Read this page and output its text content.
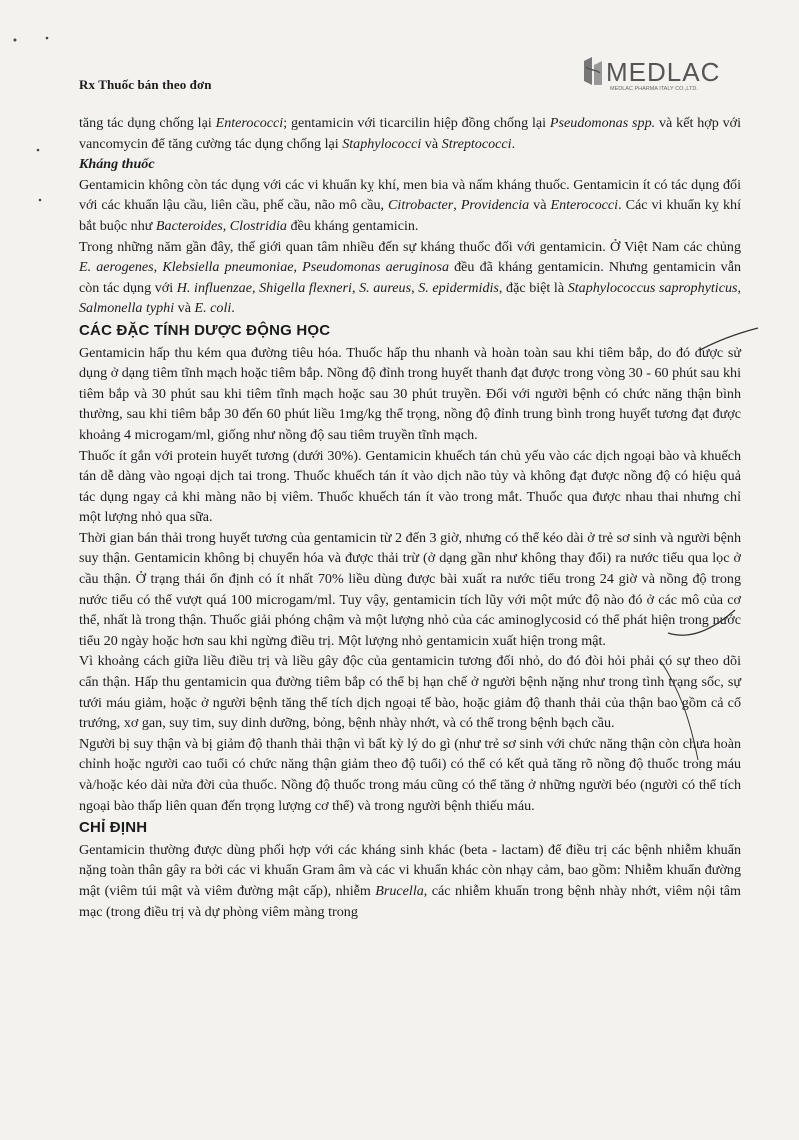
Rx Thuốc bán theo đơn	MEDLAC
MEDLAC PHARMA ITALY CO.,LTD.

tăng tác dụng chống lại Enterococci; gentamicin với ticarcilin hiệp đồng chống lại Pseudomonas spp. và kết hợp với vancomycin để tăng cường tác dụng chống lại Staphylococci và Streptococci.

Kháng thuốc

Gentamicin không còn tác dụng với các vi khuẩn kỵ khí, men bia và nấm kháng thuốc. Gentamicin ít có tác dụng đối với các khuẩn lậu cầu, liên cầu, phế cầu, não mô cầu, Citrobacter, Providencia và Enterococci. Các vi khuẩn kỵ khí bắt buộc như Bacteroides, Clostridia đều kháng gentamicin.

Trong những năm gần đây, thế giới quan tâm nhiều đến sự kháng thuốc đối với gentamicin. Ở Việt Nam các chủng E. aerogenes, Klebsiella pneumoniae, Pseudomonas aeruginosa đều đã kháng gentamicin. Nhưng gentamicin vẫn còn tác dụng với H. influenzae, Shigella flexneri, S. aureus, S. epidermidis, đặc biệt là Staphylococcus saprophyticus, Salmonella typhi và E. coli.

CÁC ĐẶC TÍNH DƯỢC ĐỘNG HỌC

Gentamicin hấp thu kém qua đường tiêu hóa. Thuốc hấp thu nhanh và hoàn toàn sau khi tiêm bắp, do đó được sử dụng ở dạng tiêm tĩnh mạch hoặc tiêm bắp. Nồng độ đỉnh trong huyết thanh đạt được trong vòng 30 - 60 phút sau khi tiêm bắp và 30 phút sau khi tiêm tĩnh mạch hoặc sau 30 phút truyền. Đối với người bệnh có chức năng thận bình thường, sau khi tiêm bắp 30 đến 60 phút liều 1mg/kg thể trọng, nồng độ đỉnh trung bình trong huyết tương đạt được khoảng 4 microgam/ml, giống như nồng độ sau tiêm truyền tĩnh mạch.

Thuốc ít gắn với protein huyết tương (dưới 30%). Gentamicin khuếch tán chủ yếu vào các dịch ngoại bào và khuếch tán dễ dàng vào ngoại dịch tai trong. Thuốc khuếch tán ít vào dịch não tủy và không đạt được nồng độ có hiệu quả tác dụng ngay cả khi màng não bị viêm. Thuốc khuếch tán ít vào trong mắt. Thuốc qua được nhau thai nhưng chỉ một lượng nhỏ qua sữa.

Thời gian bán thải trong huyết tương của gentamicin từ 2 đến 3 giờ, nhưng có thể kéo dài ở trẻ sơ sinh và người bệnh suy thận. Gentamicin không bị chuyển hóa và được thải trừ (ở dạng gần như không thay đổi) ra nước tiểu qua lọc ở cầu thận. Ở trạng thái ổn định có ít nhất 70% liều dùng được bài xuất ra nước tiểu trong 24 giờ và nồng độ trong nước tiểu có thể vượt quá 100 microgam/ml. Tuy vậy, gentamicin tích lũy với một mức độ nào đó ở các mô của cơ thể, nhất là trong thận. Thuốc giải phóng chậm và một lượng nhỏ của các aminoglycosid có thể phát hiện trong nước tiểu 20 ngày hoặc hơn sau khi ngừng điều trị. Một lượng nhỏ gentamicin xuất hiện trong mật.

Vì khoảng cách giữa liều điều trị và liều gây độc của gentamicin tương đối nhỏ, do đó đòi hỏi phải có sự theo dõi cẩn thận. Hấp thu gentamicin qua đường tiêm bắp có thể bị hạn chế ở người bệnh nặng như trong tình trạng sốc, sự tưới máu giảm, hoặc ở người bệnh tăng thể tích dịch ngoại tế bào, hoặc giảm độ thanh thải của thận bao gồm cả cổ trướng, xơ gan, suy tim, suy dinh dưỡng, bỏng, bệnh nhày nhớt, và có thể trong bệnh bạch cầu.

Người bị suy thận và bị giảm độ thanh thải thận vì bất kỳ lý do gì (như trẻ sơ sinh với chức năng thận còn chưa hoàn chỉnh hoặc người cao tuổi có chức năng thận giảm theo độ tuổi) có thể có kết quả tăng rõ nồng độ thuốc trong máu và/hoặc kéo dài nửa đời của thuốc. Nồng độ thuốc trong máu cũng có thể tăng ở những người béo (người có thể tích ngoại bào thấp liên quan đến trọng lượng cơ thể) và trong người bệnh thiếu máu.

CHỈ ĐỊNH

Gentamicin thường được dùng phối hợp với các kháng sinh khác (beta - lactam) để điều trị các bệnh nhiễm khuẩn nặng toàn thân gây ra bởi các vi khuẩn Gram âm và các vi khuẩn khác còn nhạy cảm, bao gồm: Nhiễm khuẩn đường mật (viêm túi mật và viêm đường mật cấp), nhiễm Brucella, các nhiễm khuẩn trong bệnh nhày nhớt, viêm nội tâm mạc (trong điều trị và dự phòng viêm màng trong
